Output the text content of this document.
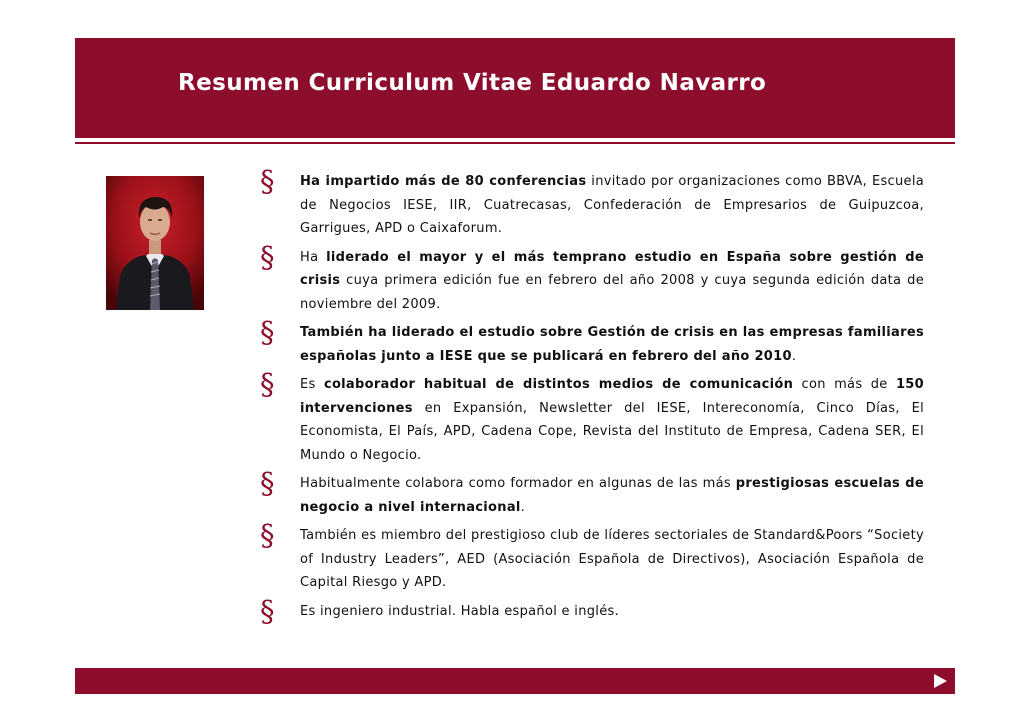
Resumen Curriculum Vitae Eduardo Navarro
§ Ha impartido más de 80 conferencias invitado por organizaciones como BBVA, Escuela de Negocios IESE, IIR, Cuatrecasas, Confederación de Empresarios de Guipuzcoa, Garrigues, APD o Caixaforum.
§ Ha liderado el mayor y el más temprano estudio en España sobre gestión de crisis cuya primera edición fue en febrero del año 2008 y cuya segunda edición data de noviembre del 2009.
§ También ha liderado el estudio sobre Gestión de crisis en las empresas familiares españolas junto a IESE que se publicará en febrero del año 2010.
§ Es colaborador habitual de distintos medios de comunicación con más de 150 intervenciones en Expansión, Newsletter del IESE, Intereconomía, Cinco Días, El Economista, El País, APD, Cadena Cope, Revista del Instituto de Empresa, Cadena SER, El Mundo o Negocio.
§ Habitualmente colabora como formador en algunas de las más prestigiosas escuelas de negocio a nivel internacional.
§ También es miembro del prestigioso club de líderes sectoriales de Standard&Poors “Society of Industry Leaders”, AED (Asociación Española de Directivos), Asociación Española de Capital Riesgo y APD.
§ Es ingeniero industrial. Habla español e inglés.
